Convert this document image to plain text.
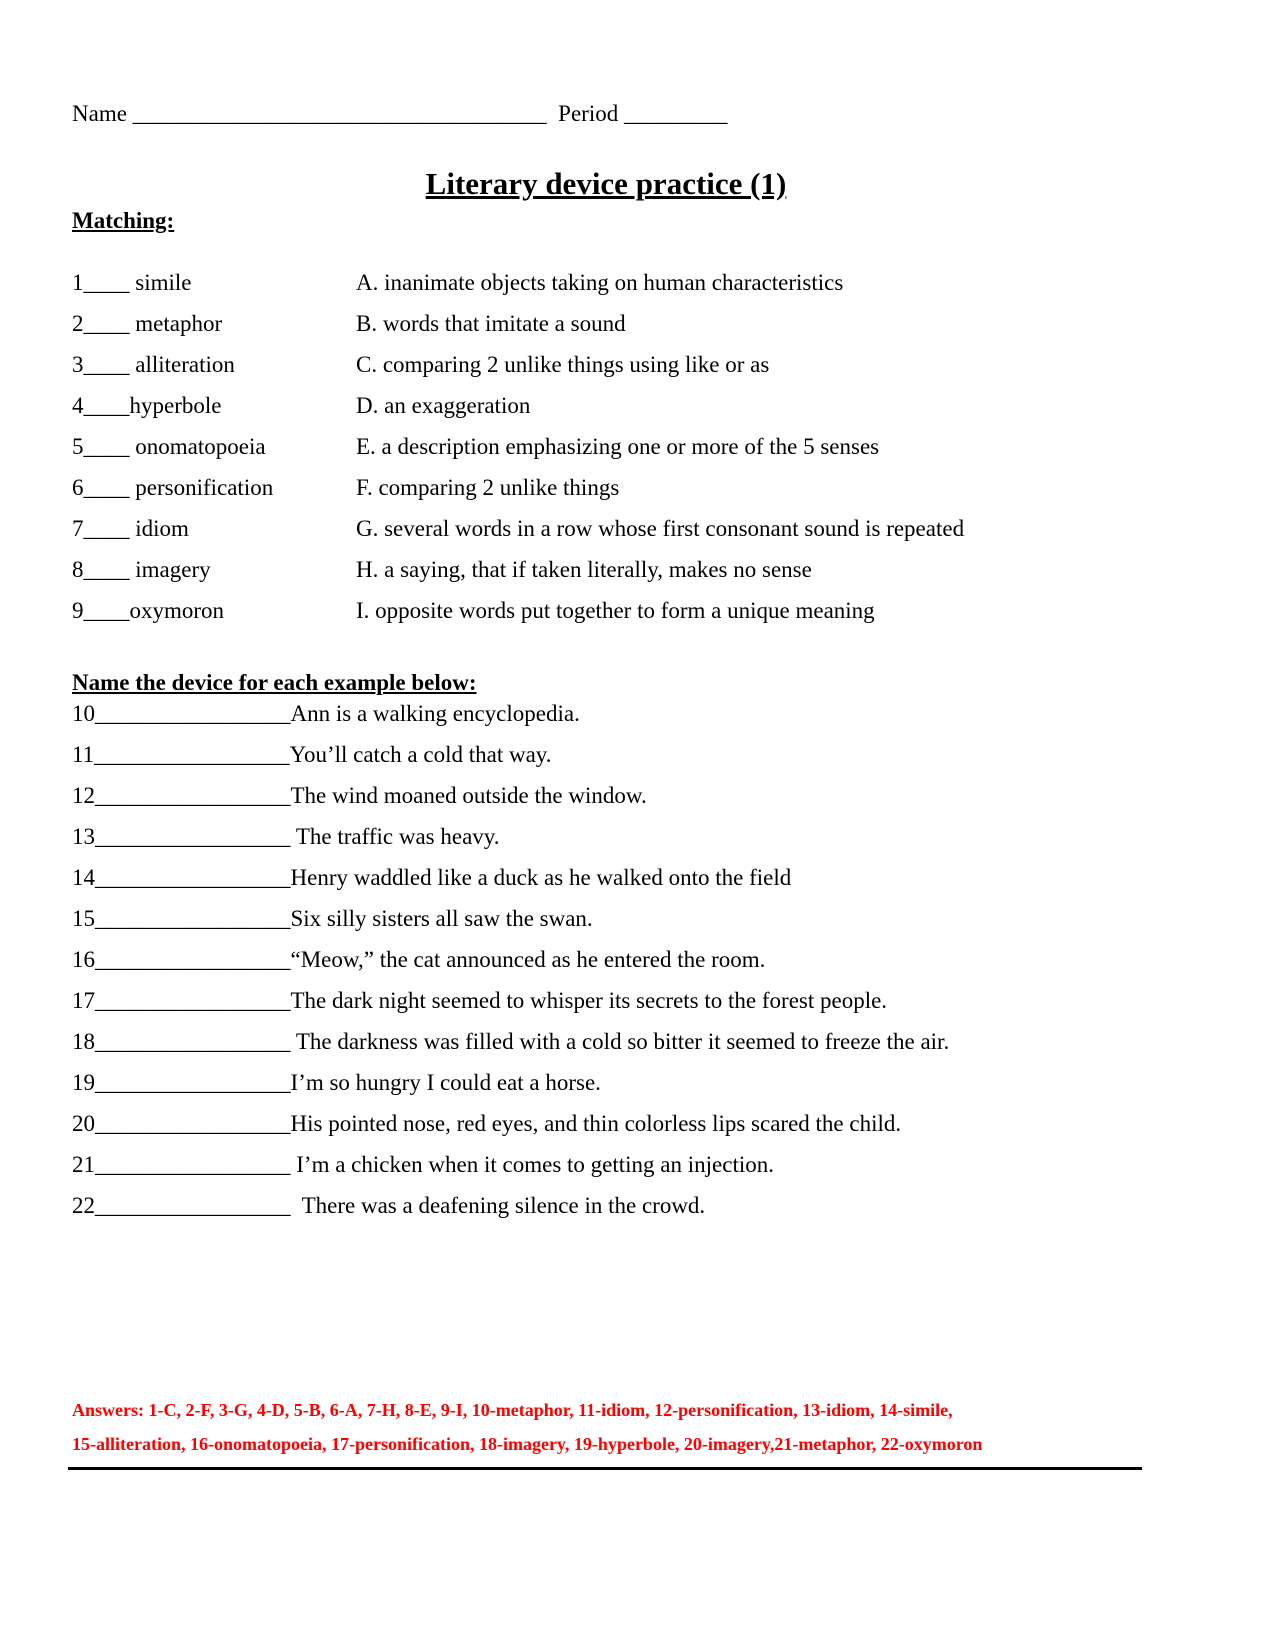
Name ____________________________________  Period _________
Literary device practice (1)
Matching:
1____ simile	A. inanimate objects taking on human characteristics
2____ metaphor	B. words that imitate a sound
3____ alliteration	C. comparing 2 unlike things using like or as
4____hyperbole	D. an exaggeration
5____ onomatopoeia	E. a description emphasizing one or more of the 5 senses
6____ personification	F. comparing 2 unlike things
7____ idiom	G. several words in a row whose first consonant sound is repeated
8____ imagery	H. a saying, that if taken literally, makes no sense
9____oxymoron	I. opposite words put together to form a unique meaning
Name the device for each example below:
10_________________Ann is a walking encyclopedia.
11_________________You’ll catch a cold that way.
12_________________The wind moaned outside the window.
13_________________ The traffic was heavy.
14_________________Henry waddled like a duck as he walked onto the field
15_________________Six silly sisters all saw the swan.
16_________________“Meow,” the cat announced as he entered the room.
17_________________The dark night seemed to whisper its secrets to the forest people.
18_________________ The darkness was filled with a cold so bitter it seemed to freeze the air.
19_________________I’m so hungry I could eat a horse.
20_________________His pointed nose, red eyes, and thin colorless lips scared the child.
21_________________ I’m a chicken when it comes to getting an injection.
22_________________  There was a deafening silence in the crowd.
Answers: 1-C, 2-F, 3-G, 4-D, 5-B, 6-A, 7-H, 8-E, 9-I, 10-metaphor, 11-idiom, 12-personification, 13-idiom, 14-simile,
15-alliteration, 16-onomatopoeia, 17-personification, 18-imagery, 19-hyperbole, 20-imagery,21-metaphor, 22-oxymoron
